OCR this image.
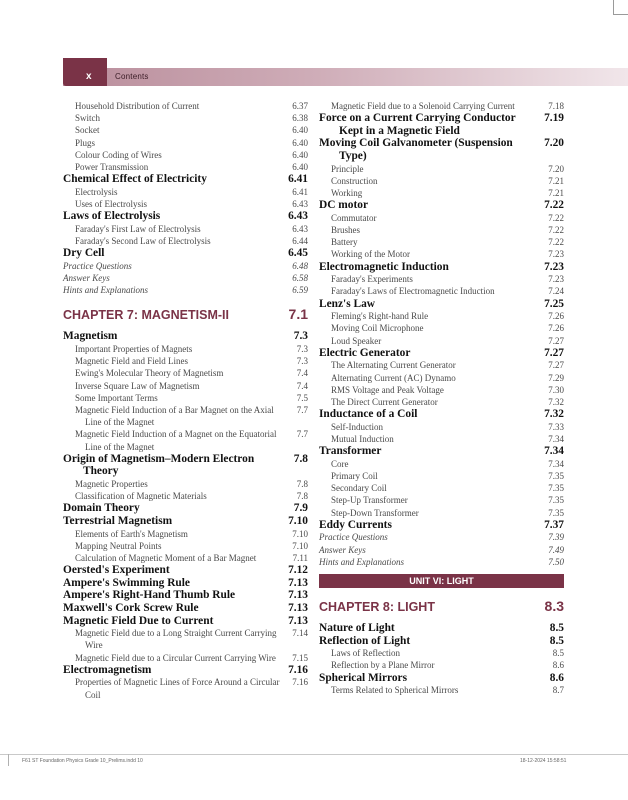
x	Contents
Household Distribution of Current	6.37
Switch	6.38
Socket	6.40
Plugs	6.40
Colour Coding of Wires	6.40
Power Transmission	6.40
Chemical Effect of Electricity	6.41
Electrolysis	6.41
Uses of Electrolysis	6.43
Laws of Electrolysis	6.43
Faraday's First Law of Electrolysis	6.43
Faraday's Second Law of Electrolysis	6.44
Dry Cell	6.45
Practice Questions	6.48
Answer Keys	6.58
Hints and Explanations	6.59
CHAPTER 7: MAGNETISM-II	7.1
Magnetism	7.3
Important Properties of Magnets	7.3
Magnetic Field and Field Lines	7.3
Ewing's Molecular Theory of Magnetism	7.4
Inverse Square Law of Magnetism	7.4
Some Important Terms	7.5
Magnetic Field Induction of a Bar Magnet on the Axial Line of the Magnet
7.7
Magnetic Field Induction of a Magnet on the Equatorial Line of the Magnet
7.7
Origin of Magnetism–Modern Electron Theory
7.8
Magnetic Properties	7.8
Classification of Magnetic Materials	7.8
Domain Theory	7.9
Terrestrial Magnetism	7.10
Elements of Earth's Magnetism	7.10
Mapping Neutral Points	7.10
Calculation of Magnetic Moment of a Bar Magnet	7.11
Oersted's Experiment	7.12
Ampere's Swimming Rule	7.13
Ampere's Right-Hand Thumb Rule	7.13
Maxwell's Cork Screw Rule	7.13
Magnetic Field Due to Current	7.13
Magnetic Field due to a Long Straight Current Carrying Wire
7.14
Magnetic Field due to a Circular Current Carrying Wire	7.15
Electromagnetism	7.16
Properties of Magnetic Lines of Force Around a Circular Coil
7.16
Magnetic Field due to a Solenoid Carrying Current	7.18
Force on a Current Carrying Conductor Kept in a Magnetic Field
7.19
Moving Coil Galvanometer (Suspension Type)
7.20
Principle	7.20
Construction	7.21
Working	7.21
DC motor	7.22
Commutator	7.22
Brushes	7.22
Battery	7.22
Working of the Motor	7.23
Electromagnetic Induction	7.23
Faraday's Experiments	7.23
Faraday's Laws of Electromagnetic Induction	7.24
Lenz's Law	7.25
Fleming's Right-hand Rule	7.26
Moving Coil Microphone	7.26
Loud Speaker	7.27
Electric Generator	7.27
The Alternating Current Generator	7.27
Alternating Current (AC) Dynamo	7.29
RMS Voltage and Peak Voltage	7.30
The Direct Current Generator	7.32
Inductance of a Coil	7.32
Self-Induction	7.33
Mutual Induction	7.34
Transformer	7.34
Core	7.34
Primary Coil	7.35
Secondary Coil	7.35
Step-Up Transformer	7.35
Step-Down Transformer	7.35
Eddy Currents	7.37
Practice Questions	7.39
Answer Keys	7.49
Hints and Explanations	7.50
UNIT VI: LIGHT
CHAPTER 8: LIGHT	8.3
Nature of Light	8.5
Reflection of Light	8.5
Laws of Reflection	8.5
Reflection by a Plane Mirror	8.6
Spherical Mirrors	8.6
Terms Related to Spherical Mirrors	8.7
F61 ST Foundation Physics Grade 10_Prelims.indd 10	18-12-2024 15:58:51
